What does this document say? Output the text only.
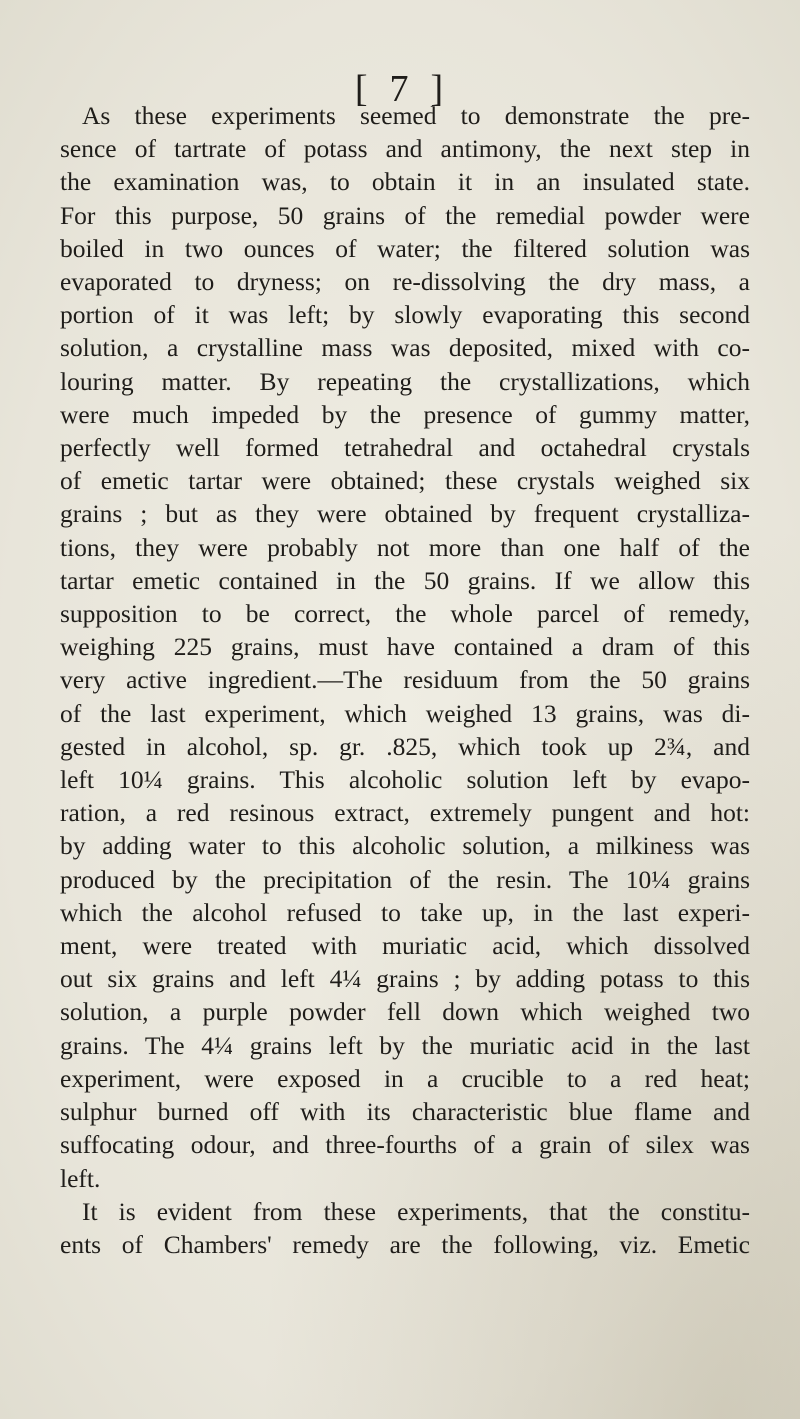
[ 7 ]
As these experiments seemed to demonstrate the pre-
sence of tartrate of potass and antimony, the next step in
the examination was, to obtain it in an insulated state.
For this purpose, 50 grains of the remedial powder were
boiled in two ounces of water; the filtered solution was
evaporated to dryness; on re-dissolving the dry mass, a
portion of it was left; by slowly evaporating this second
solution, a crystalline mass was deposited, mixed with co-
louring matter. By repeating the crystallizations, which
were much impeded by the presence of gummy matter,
perfectly well formed tetrahedral and octahedral crystals
of emetic tartar were obtained; these crystals weighed six
grains ; but as they were obtained by frequent crystalliza-
tions, they were probably not more than one half of the
tartar emetic contained in the 50 grains. If we allow this
supposition to be correct, the whole parcel of remedy,
weighing 225 grains, must have contained a dram of this
very active ingredient.—The residuum from the 50 grains
of the last experiment, which weighed 13 grains, was di-
gested in alcohol, sp. gr. .825, which took up 2¾, and
left 10¼ grains. This alcoholic solution left by evapo-
ration, a red resinous extract, extremely pungent and hot:
by adding water to this alcoholic solution, a milkiness was
produced by the precipitation of the resin. The 10¼ grains
which the alcohol refused to take up, in the last experi-
ment, were treated with muriatic acid, which dissolved
out six grains and left 4¼ grains ; by adding potass to this
solution, a purple powder fell down which weighed two
grains. The 4¼ grains left by the muriatic acid in the last
experiment, were exposed in a crucible to a red heat;
sulphur burned off with its characteristic blue flame and
suffocating odour, and three-fourths of a grain of silex was
left.
It is evident from these experiments, that the constitu-
ents of Chambers' remedy are the following, viz. Emetic
